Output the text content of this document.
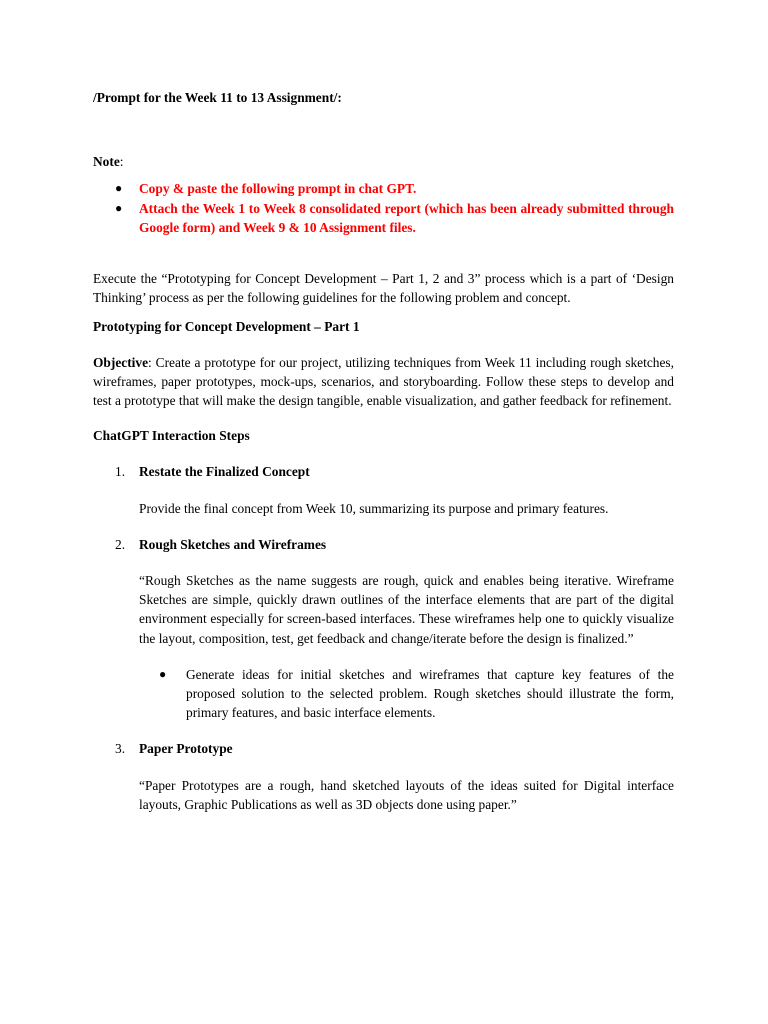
/Prompt for the Week 11 to 13 Assignment/:

Note:

● Copy & paste the following prompt in chat GPT.
● Attach the Week 1 to Week 8 consolidated report (which has been already submitted through Google form) and Week 9 & 10 Assignment files.

Execute the “Prototyping for Concept Development – Part 1, 2 and 3” process which is a part of ‘Design Thinking’ process as per the following guidelines for the following problem and concept.

Prototyping for Concept Development – Part 1

Objective: Create a prototype for our project, utilizing techniques from Week 11 including rough sketches, wireframes, paper prototypes, mock-ups, scenarios, and storyboarding. Follow these steps to develop and test a prototype that will make the design tangible, enable visualization, and gather feedback for refinement.

ChatGPT Interaction Steps

1. Restate the Finalized Concept

Provide the final concept from Week 10, summarizing its purpose and primary features.

2. Rough Sketches and Wireframes

“Rough Sketches as the name suggests are rough, quick and enables being iterative. Wireframe Sketches are simple, quickly drawn outlines of the interface elements that are part of the digital environment especially for screen-based interfaces. These wireframes help one to quickly visualize the layout, composition, test, get feedback and change/iterate before the design is finalized.”

● Generate ideas for initial sketches and wireframes that capture key features of the proposed solution to the selected problem. Rough sketches should illustrate the form, primary features, and basic interface elements.

3. Paper Prototype

“Paper Prototypes are a rough, hand sketched layouts of the ideas suited for Digital interface layouts, Graphic Publications as well as 3D objects done using paper.”
